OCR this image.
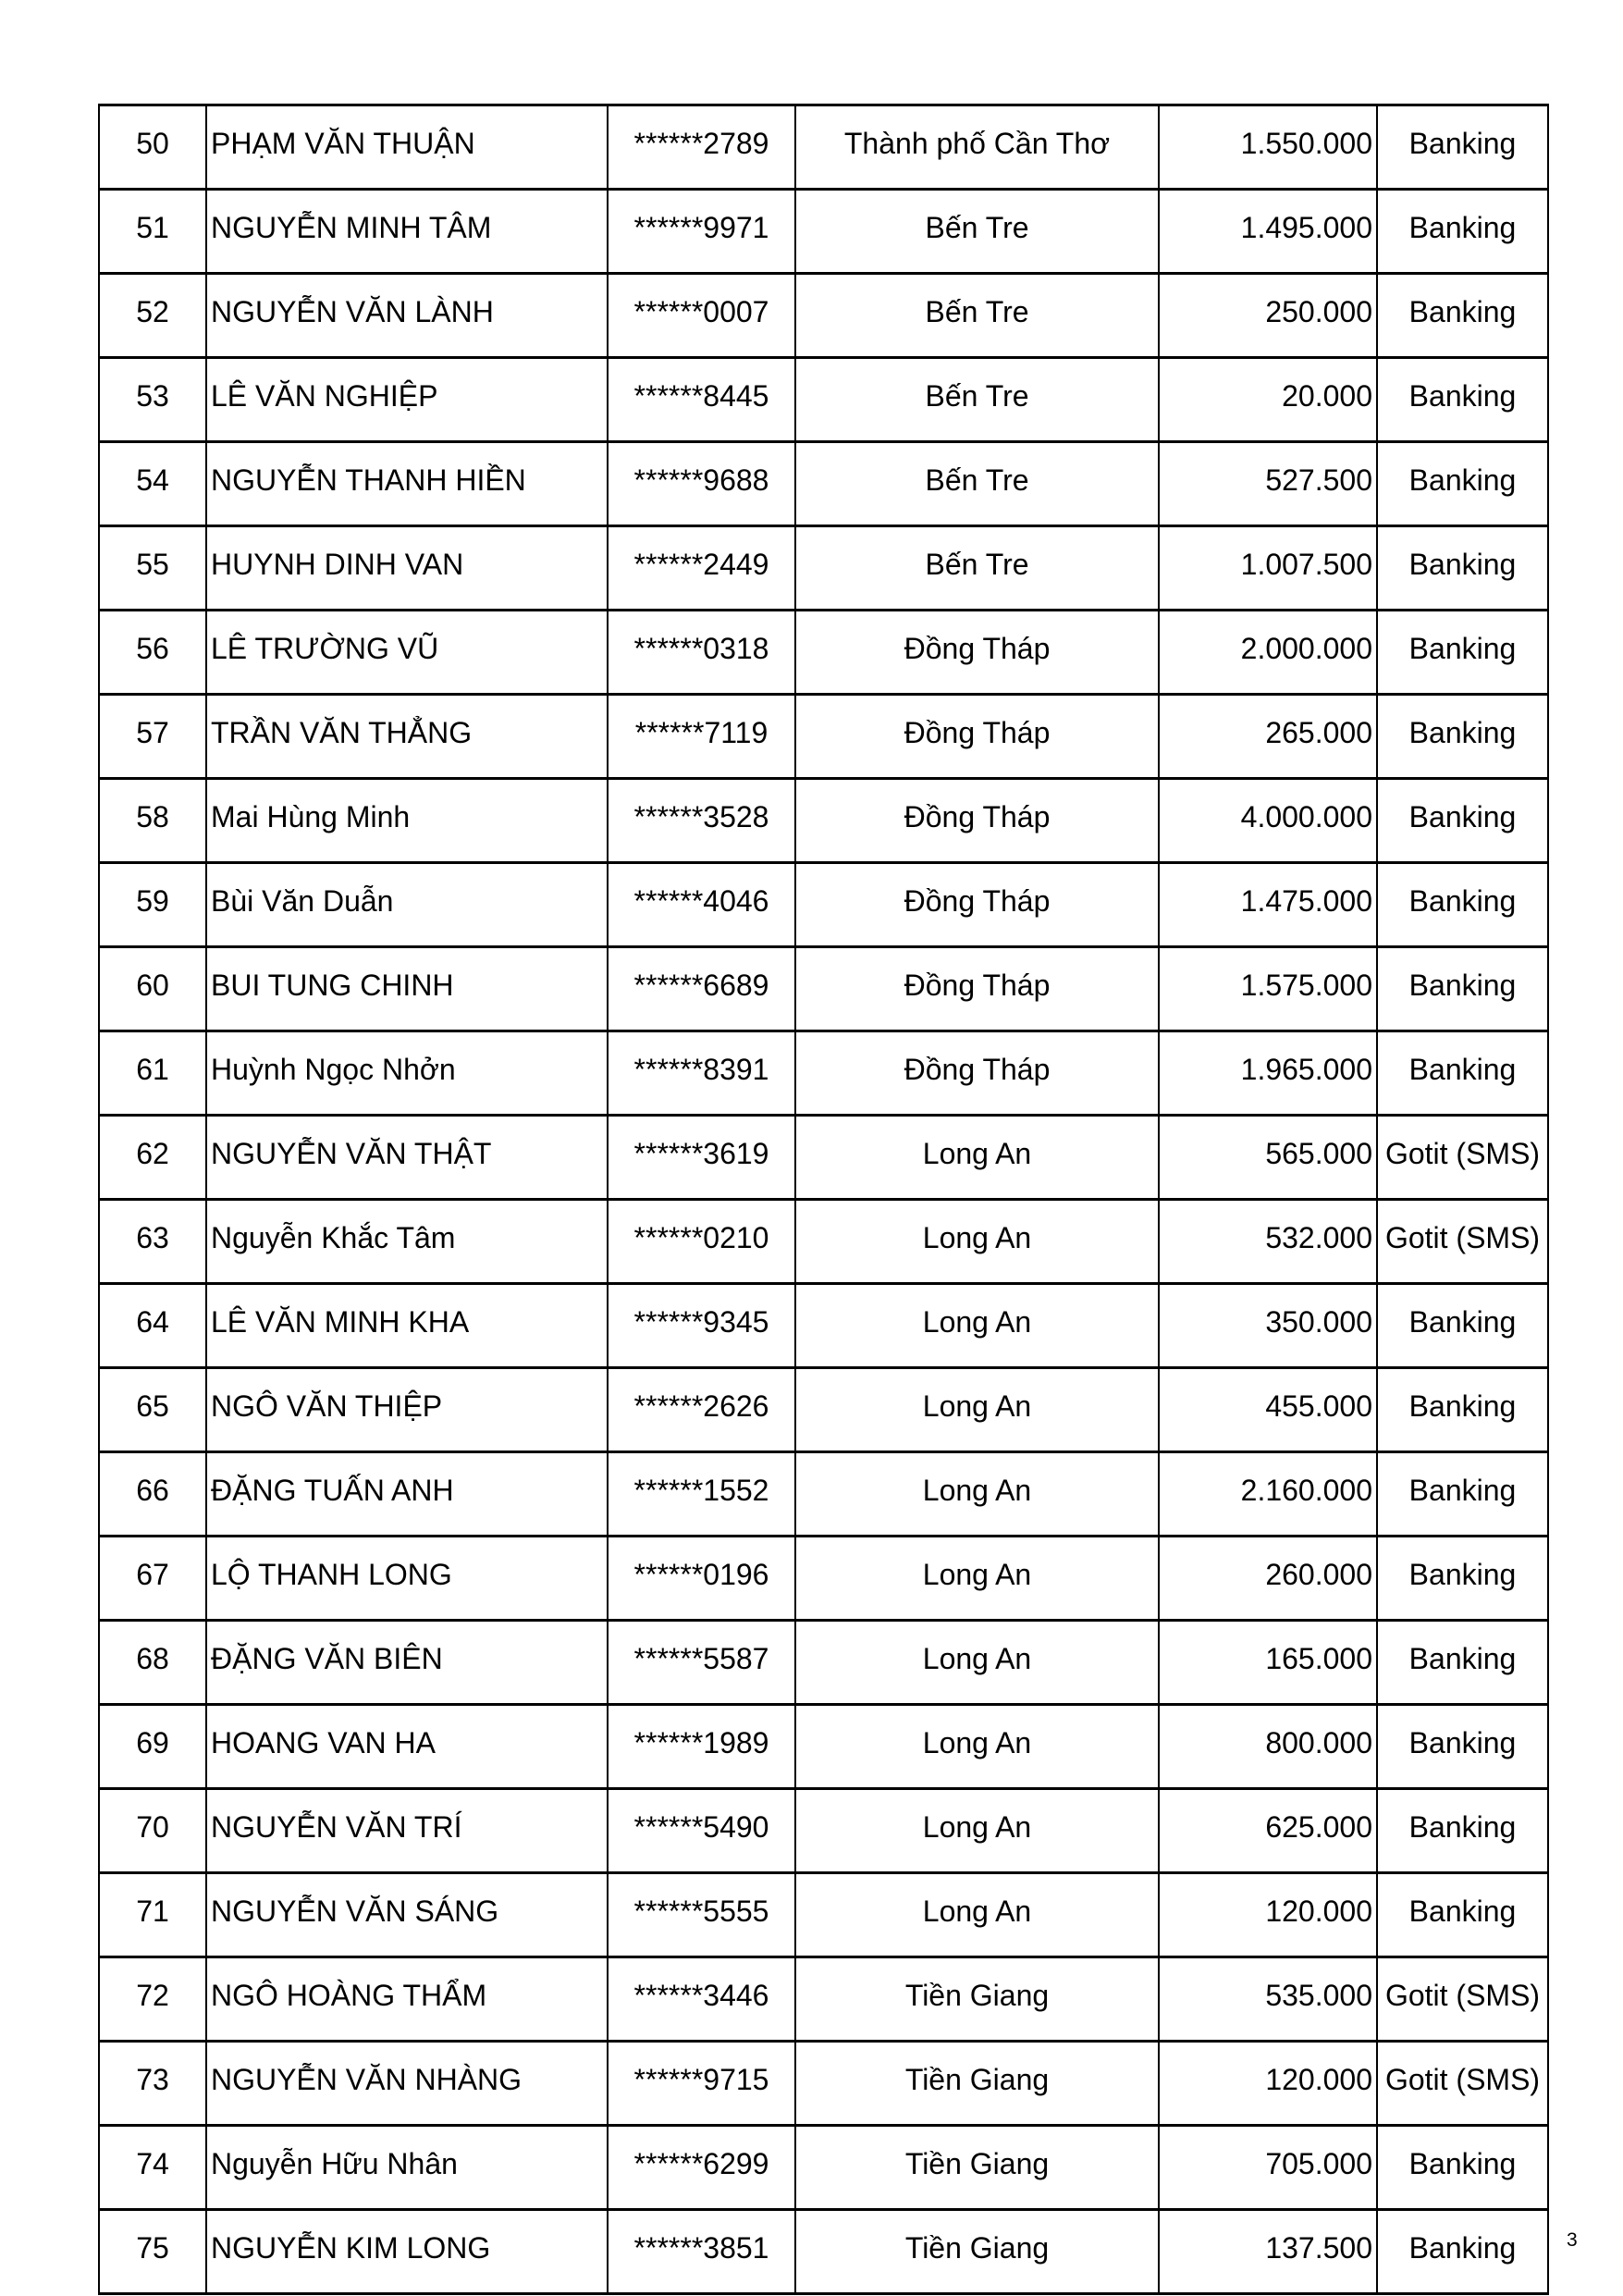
50	PHẠM VĂN THUẬN	******2789	Thành phố Cần Thơ	1.550.000	Banking
51	NGUYỄN MINH TÂM	******9971	Bến Tre	1.495.000	Banking
52	NGUYỄN VĂN LÀNH	******0007	Bến Tre	250.000	Banking
53	LÊ VĂN NGHIỆP	******8445	Bến Tre	20.000	Banking
54	NGUYỄN THANH HIỀN	******9688	Bến Tre	527.500	Banking
55	HUYNH DINH VAN	******2449	Bến Tre	1.007.500	Banking
56	LÊ TRƯỜNG VŨ	******0318	Đồng Tháp	2.000.000	Banking
57	TRẦN VĂN THẲNG	******7119	Đồng Tháp	265.000	Banking
58	Mai Hùng Minh	******3528	Đồng Tháp	4.000.000	Banking
59	Bùi Văn Duẫn	******4046	Đồng Tháp	1.475.000	Banking
60	BUI TUNG CHINH	******6689	Đồng Tháp	1.575.000	Banking
61	Huỳnh Ngọc Nhởn	******8391	Đồng Tháp	1.965.000	Banking
62	NGUYỄN VĂN THẬT	******3619	Long An	565.000	Gotit (SMS)
63	Nguyễn Khắc Tâm	******0210	Long An	532.000	Gotit (SMS)
64	LÊ VĂN MINH KHA	******9345	Long An	350.000	Banking
65	NGÔ VĂN THIỆP	******2626	Long An	455.000	Banking
66	ĐẶNG TUẤN ANH	******1552	Long An	2.160.000	Banking
67	LỘ THANH LONG	******0196	Long An	260.000	Banking
68	ĐẶNG VĂN BIÊN	******5587	Long An	165.000	Banking
69	HOANG VAN HA	******1989	Long An	800.000	Banking
70	NGUYỄN VĂN TRÍ	******5490	Long An	625.000	Banking
71	NGUYỄN VĂN SÁNG	******5555	Long An	120.000	Banking
72	NGÔ HOÀNG THẨM	******3446	Tiền Giang	535.000	Gotit (SMS)
73	NGUYỄN VĂN NHÀNG	******9715	Tiền Giang	120.000	Gotit (SMS)
74	Nguyễn Hữu Nhân	******6299	Tiền Giang	705.000	Banking
75	NGUYỄN KIM LONG	******3851	Tiền Giang	137.500	Banking	3
